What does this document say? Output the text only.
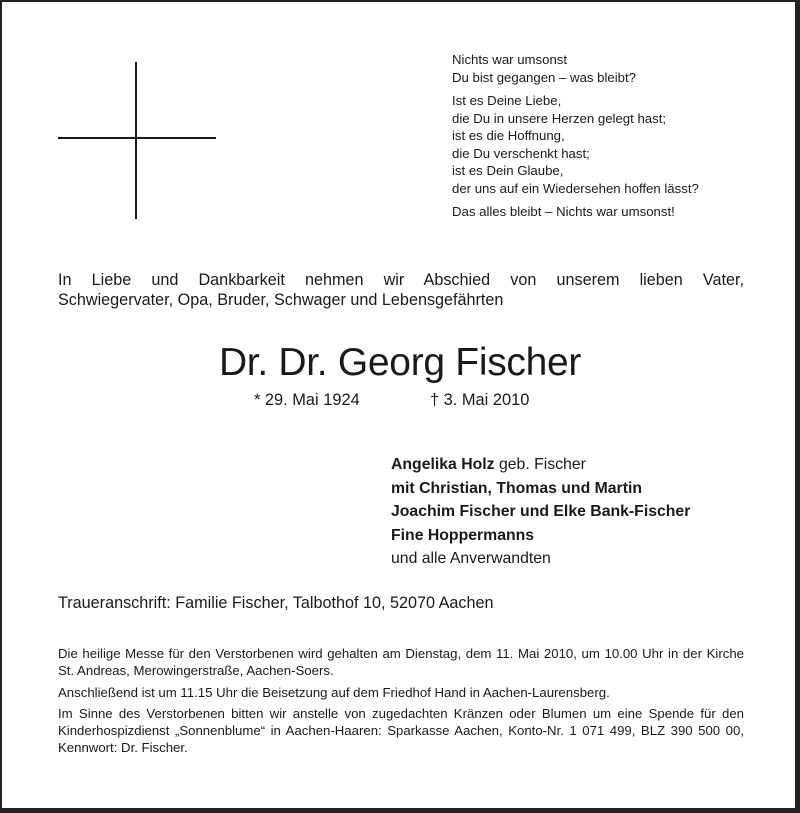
Nichts war umsonst
Du bist gegangen – was bleibt?
Ist es Deine Liebe,
die Du in unsere Herzen gelegt hast;
ist es die Hoffnung,
die Du verschenkt hast;
ist es Dein Glaube,
der uns auf ein Wiedersehen hoffen lässt?
Das alles bleibt – Nichts war umsonst!
In Liebe und Dankbarkeit nehmen wir Abschied von unserem lieben Vater,
Schwiegervater, Opa, Bruder, Schwager und Lebensgefährten
Dr. Dr. Georg Fischer
* 29. Mai 1924	† 3. Mai 2010
Angelika Holz geb. Fischer
mit Christian, Thomas und Martin
Joachim Fischer und Elke Bank-Fischer
Fine Hoppermanns
und alle Anverwandten
Traueranschrift: Familie Fischer, Talbothof 10, 52070 Aachen

Die heilige Messe für den Verstorbenen wird gehalten am Dienstag, dem 11. Mai 2010, um 10.00 Uhr in der Kirche St. Andreas, Merowingerstraße, Aachen-Soers.

Anschließend ist um 11.15 Uhr die Beisetzung auf dem Friedhof Hand in Aachen-Laurensberg.

Im Sinne des Verstorbenen bitten wir anstelle von zugedachten Kränzen oder Blumen um eine Spende für den Kinderhospizdienst „Sonnenblume“ in Aachen-Haaren: Sparkasse Aachen, Konto-Nr. 1 071 499, BLZ 390 500 00, Kennwort: Dr. Fischer.
